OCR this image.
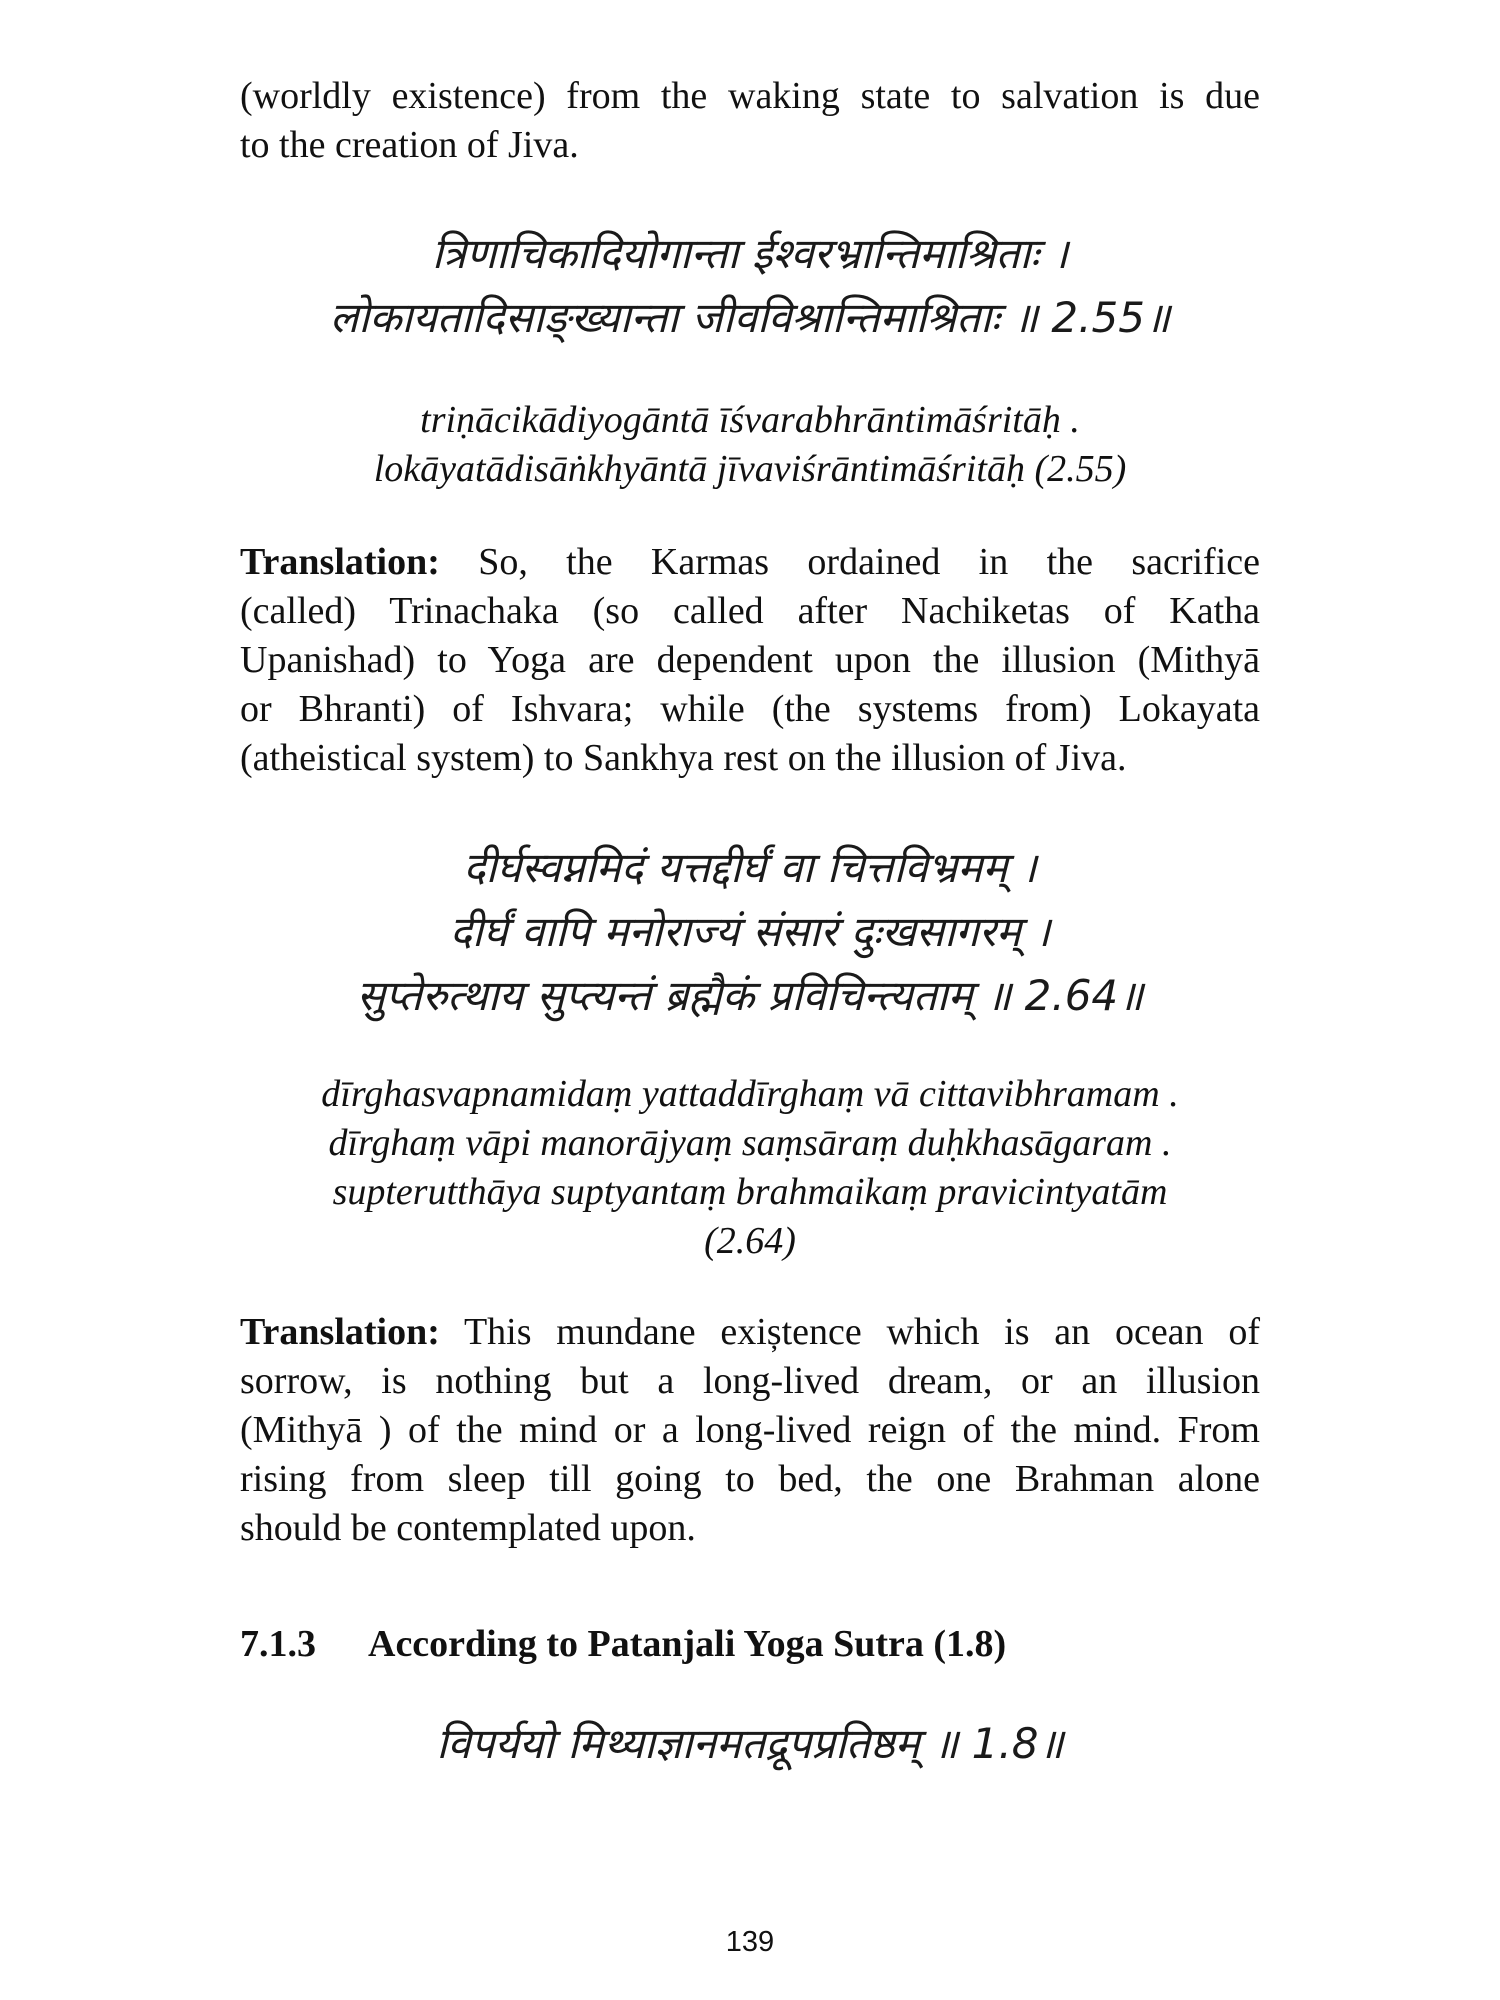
(worldly existence) from the waking state to salvation is due
to the creation of Jiva.
त्रिणाचिकादियोगान्ता ईश्वरभ्रान्तिमाश्रिताः ।
लोकायतादिसाङ्ख्यान्ता जीवविश्रान्तिमाश्रिताः ॥ 2.55॥
triṇācikādiyogāntā īśvarabhrāntimāśritāḥ .
lokāyatādisāṅkhyāntā jīvaviśrāntimāśritāḥ (2.55)
Translation: So, the Karmas ordained in the sacrifice
(called) Trinachaka (so called after Nachiketas of Katha
Upanishad) to Yoga are dependent upon the illusion (Mithyā
or Bhranti) of Ishvara; while (the systems from) Lokayata
(atheistical system) to Sankhya rest on the illusion of Jiva.
दीर्घस्वप्नमिदं यत्तद्दीर्घं वा चित्तविभ्रमम् ।
दीर्घं वापि मनोराज्यं संसारं दुःखसागरम् ।
सुप्तेरुत्थाय सुप्त्यन्तं ब्रह्मैकं प्रविचिन्त्यताम् ॥ 2.64॥
dīrghasvapnamidaṃ yattaddīrghaṃ vā cittavibhramam .
dīrghaṃ vāpi manorājyaṃ saṃsāraṃ duḥkhasāgaram .
supterutthāya suptyantaṃ brahmaikaṃ pravicintyatām
(2.64)
Translation: This mundane exiștence which is an ocean of
sorrow, is nothing but a long-lived dream, or an illusion
(Mithyā ) of the mind or a long-lived reign of the mind. From
rising from sleep till going to bed, the one Brahman alone
should be contemplated upon.
7.1.3 According to Patanjali Yoga Sutra (1.8)
विपर्ययो मिथ्याज्ञानमतद्रूपप्रतिष्ठम् ॥ 1.8॥
139
